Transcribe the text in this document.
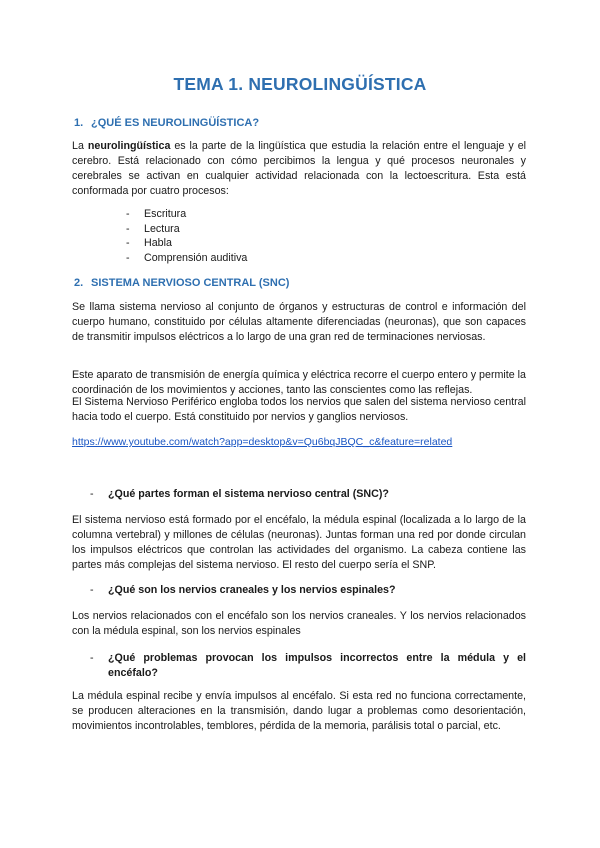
TEMA 1. NEUROLINGÜÍSTICA
1. ¿QUÉ ES NEUROLINGÜÍSTICA?

La neurolingüística es la parte de la lingüística que estudia la relación entre el lenguaje y el cerebro. Está relacionado con cómo percibimos la lengua y qué procesos neuronales y cerebrales se activan en cualquier actividad relacionada con la lectoescritura. Esta está conformada por cuatro procesos:

- Escritura
- Lectura
- Habla
- Comprensión auditiva
2. SISTEMA NERVIOSO CENTRAL (SNC)

Se llama sistema nervioso al conjunto de órganos y estructuras de control e información del cuerpo humano, constituido por células altamente diferenciadas (neuronas), que son capaces de transmitir impulsos eléctricos a lo largo de una gran red de terminaciones nerviosas.

Este aparato de transmisión de energía química y eléctrica recorre el cuerpo entero y permite la coordinación de los movimientos y acciones, tanto las conscientes como las reflejas.

El Sistema Nervioso Periférico engloba todos los nervios que salen del sistema nervioso central hacia todo el cuerpo. Está constituido por nervios y ganglios nerviosos.

https://www.youtube.com/watch?app=desktop&v=Qu6bqJBQC_c&feature=related

-	¿Qué partes forman el sistema nervioso central (SNC)?

El sistema nervioso está formado por el encéfalo, la médula espinal (localizada a lo largo de la columna vertebral) y millones de células (neuronas). Juntas forman una red por donde circulan los impulsos eléctricos que controlan las actividades del organismo. La cabeza contiene las partes más complejas del sistema nervioso. El resto del cuerpo sería el SNP.

-	¿Qué son los nervios craneales y los nervios espinales?

Los nervios relacionados con el encéfalo son los nervios craneales. Y los nervios relacionados con la médula espinal, son los nervios espinales

-	¿Qué problemas provocan los impulsos incorrectos entre la médula y el encéfalo?

La médula espinal recibe y envía impulsos al encéfalo. Si esta red no funciona correctamente, se producen alteraciones en la transmisión, dando lugar a problemas como desorientación, movimientos incontrolables, temblores, pérdida de la memoria, parálisis total o parcial, etc.
